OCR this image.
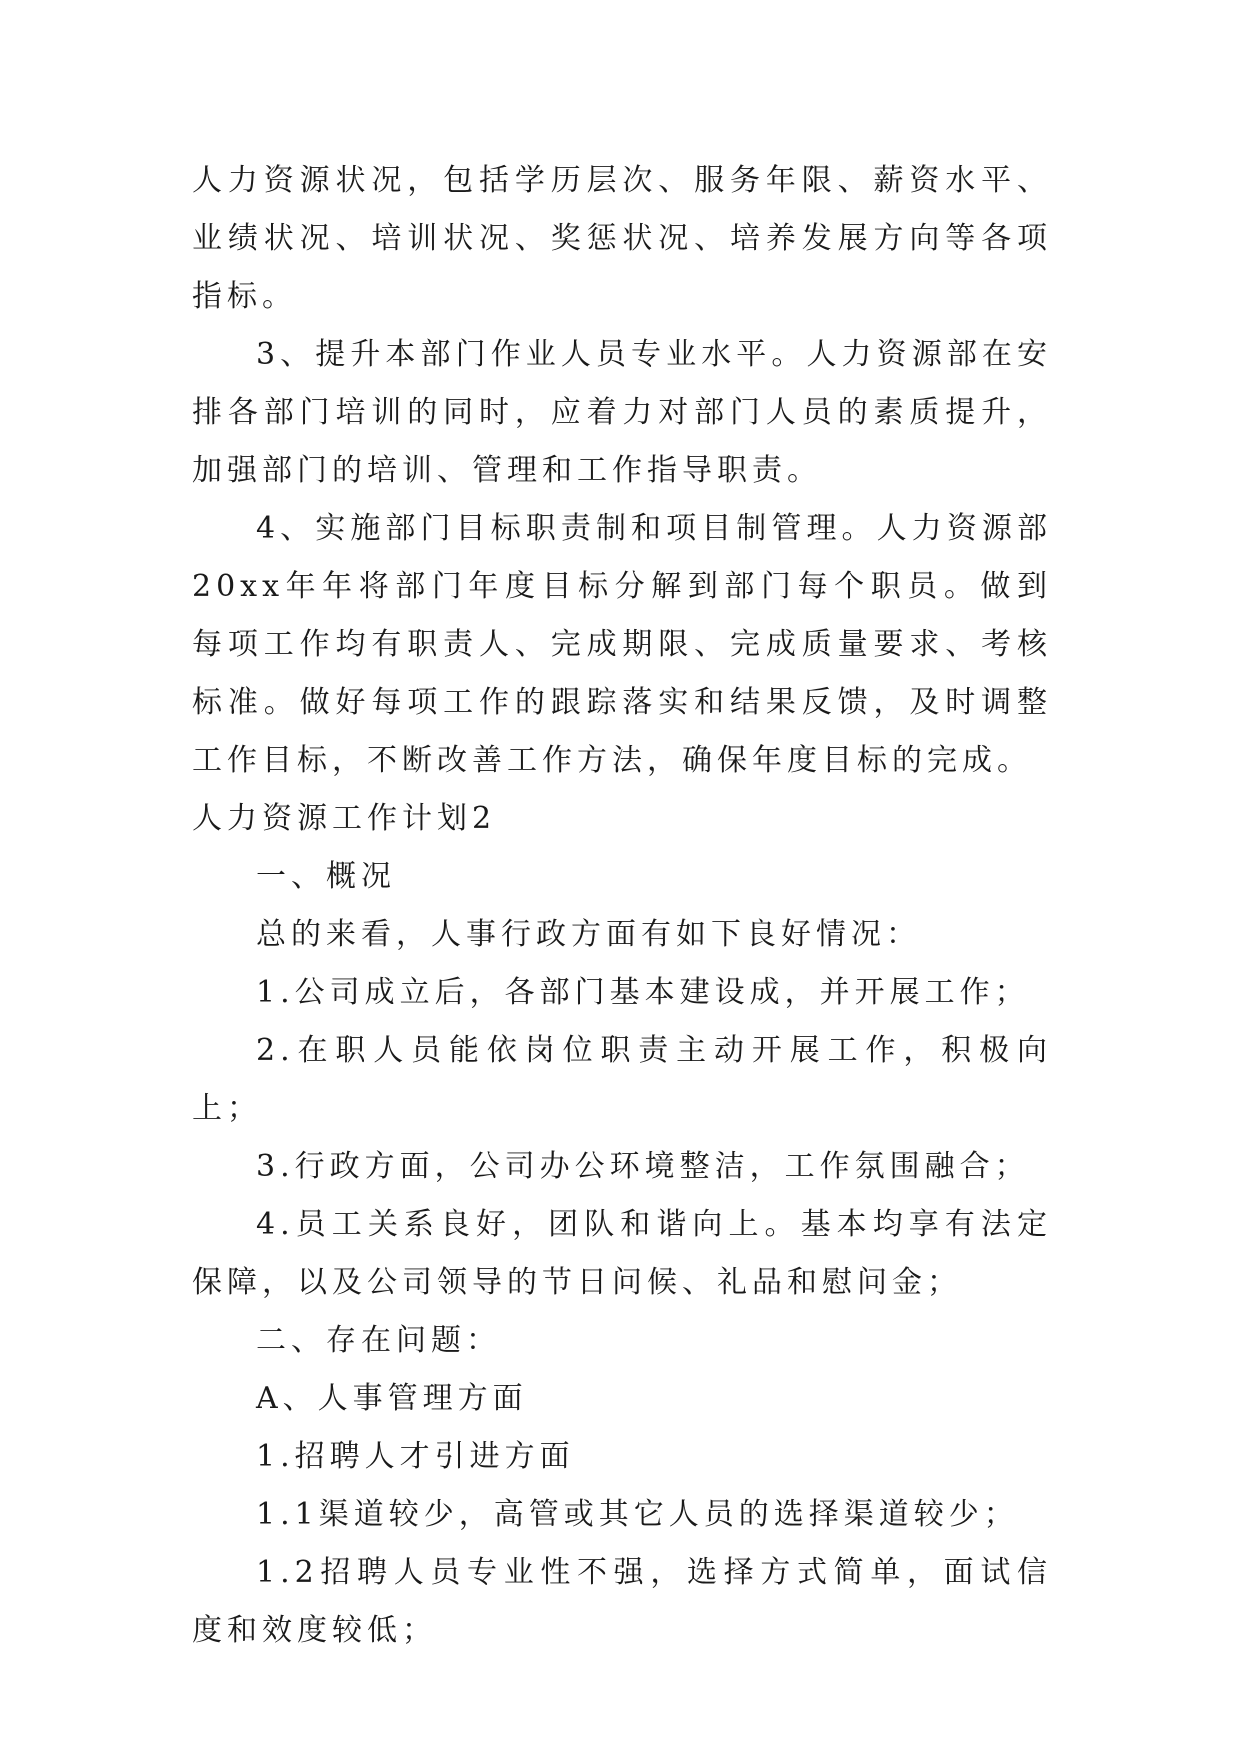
人力资源状况，包括学历层次、服务年限、薪资水平、业绩状况、培训状况、奖惩状况、培养发展方向等各项指标。

3、提升本部门作业人员专业水平。人力资源部在安排各部门培训的同时，应着力对部门人员的素质提升，加强部门的培训、管理和工作指导职责。

4、实施部门目标职责制和项目制管理。人力资源部20xx年年将部门年度目标分解到部门每个职员。做到每项工作均有职责人、完成期限、完成质量要求、考核标准。做好每项工作的跟踪落实和结果反馈，及时调整工作目标，不断改善工作方法，确保年度目标的完成。

人力资源工作计划2

一、概况

总的来看，人事行政方面有如下良好情况：

1.公司成立后，各部门基本建设成，并开展工作；

2.在职人员能依岗位职责主动开展工作，积极向上；

3.行政方面，公司办公环境整洁，工作氛围融合；

4.员工关系良好，团队和谐向上。基本均享有法定保障，以及公司领导的节日问候、礼品和慰问金；

二、存在问题：

A、人事管理方面

1.招聘人才引进方面

1.1渠道较少，高管或其它人员的选择渠道较少；

1.2招聘人员专业性不强，选择方式简单，面试信度和效度较低；
